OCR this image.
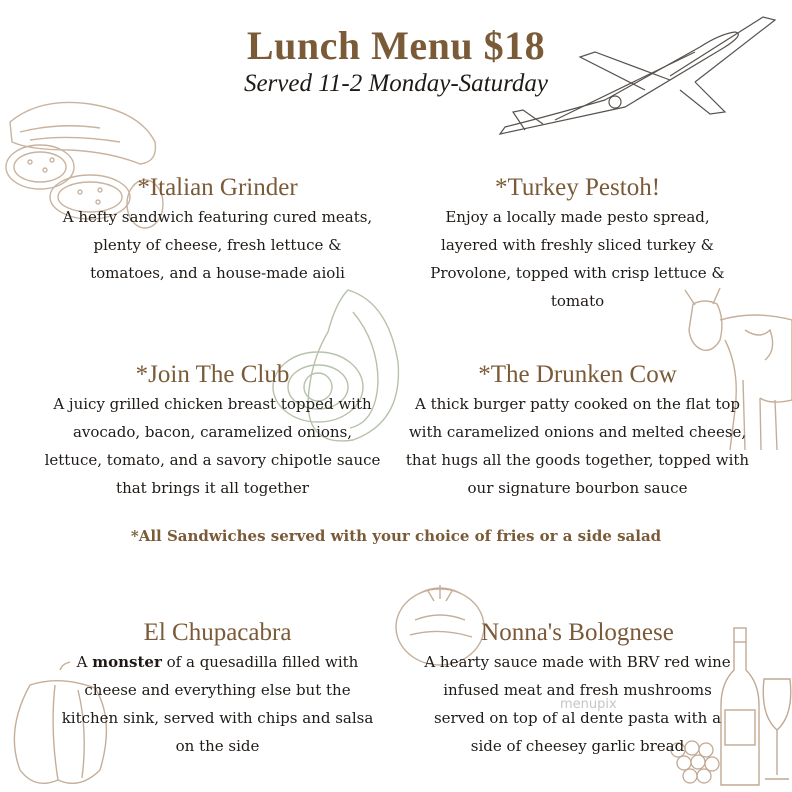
menupix
Lunch Menu $18
Served 11-2 Monday-Saturday
*Italian Grinder
A hefty sandwich featuring cured meats, plenty of cheese, fresh lettuce & tomatoes, and a house-made aioli
*Turkey Pestoh!
Enjoy a locally made pesto spread, layered with freshly sliced turkey & Provolone, topped with crisp lettuce & tomato
*Join The Club
A juicy grilled chicken breast topped with avocado, bacon, caramelized onions, lettuce, tomato, and a savory chipotle sauce that brings it all together
*The Drunken Cow
A thick burger patty cooked on the flat top with caramelized onions and melted cheese, that hugs all the goods together, topped with our signature bourbon sauce
*All Sandwiches served with your choice of fries or a side salad
El Chupacabra
A monster of a quesadilla filled with cheese and everything else but the kitchen sink, served with chips and salsa on the side
Nonna's Bolognese
A hearty sauce made with BRV red wine infused meat and fresh mushrooms served on top of al dente pasta with a side of cheesey garlic bread
